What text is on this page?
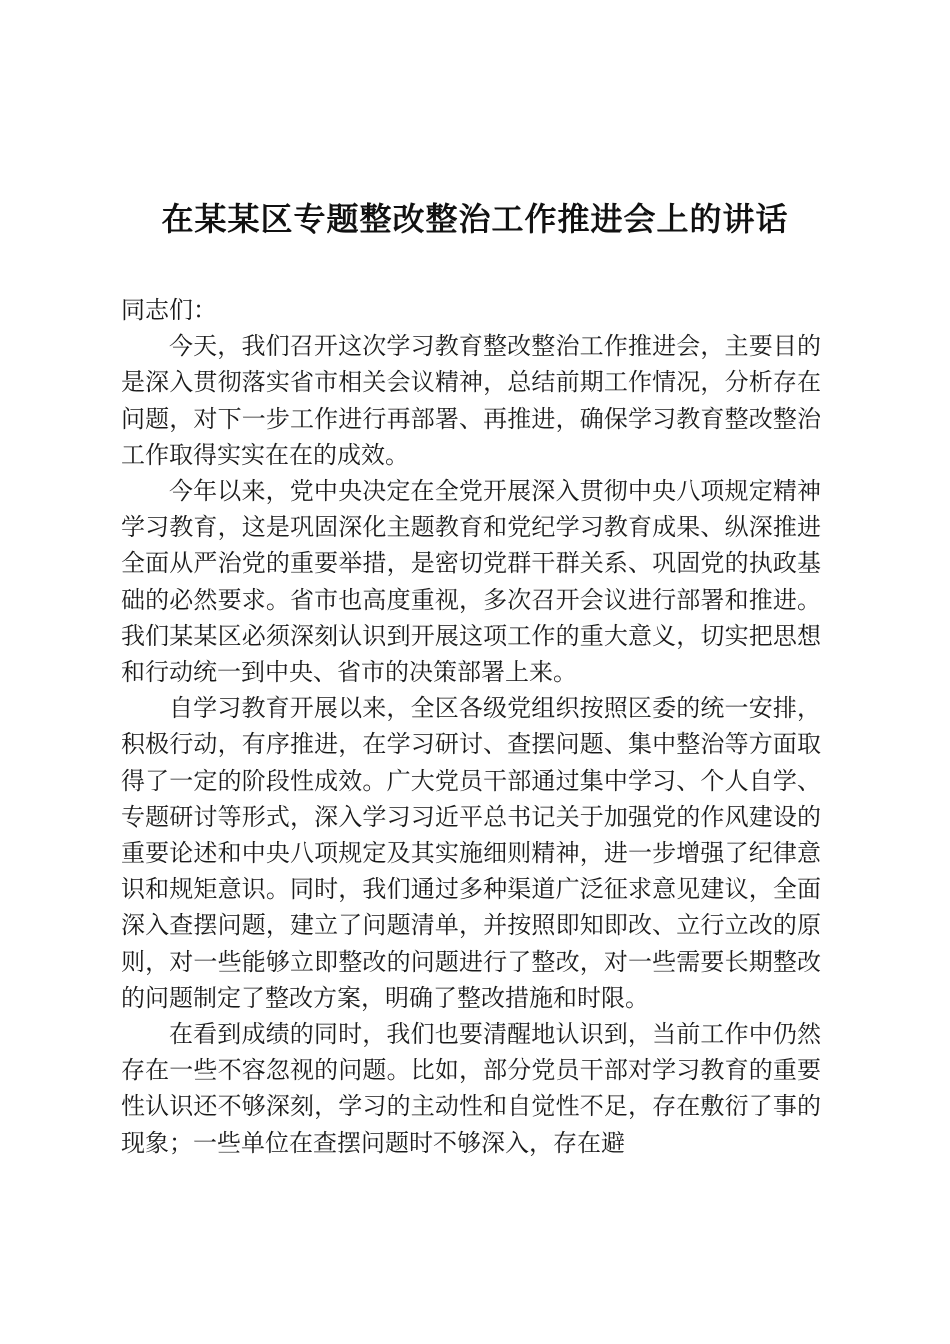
在某某区专题整改整治工作推进会上的讲话

同志们：

今天，我们召开这次学习教育整改整治工作推进会，主要目的是深入贯彻落实省市相关会议精神，总结前期工作情况，分析存在问题，对下一步工作进行再部署、再推进，确保学习教育整改整治工作取得实实在在的成效。

今年以来，党中央决定在全党开展深入贯彻中央八项规定精神学习教育，这是巩固深化主题教育和党纪学习教育成果、纵深推进全面从严治党的重要举措，是密切党群干群关系、巩固党的执政基础的必然要求。省市也高度重视，多次召开会议进行部署和推进。我们某某区必须深刻认识到开展这项工作的重大意义，切实把思想和行动统一到中央、省市的决策部署上来。

自学习教育开展以来，全区各级党组织按照区委的统一安排，积极行动，有序推进，在学习研讨、查摆问题、集中整治等方面取得了一定的阶段性成效。广大党员干部通过集中学习、个人自学、专题研讨等形式，深入学习习近平总书记关于加强党的作风建设的重要论述和中央八项规定及其实施细则精神，进一步增强了纪律意识和规矩意识。同时，我们通过多种渠道广泛征求意见建议，全面深入查摆问题，建立了问题清单，并按照即知即改、立行立改的原则，对一些能够立即整改的问题进行了整改，对一些需要长期整改的问题制定了整改方案，明确了整改措施和时限。

在看到成绩的同时，我们也要清醒地认识到，当前工作中仍然存在一些不容忽视的问题。比如，部分党员干部对学习教育的重要性认识还不够深刻，学习的主动性和自觉性不足，存在敷衍了事的现象；一些单位在查摆问题时不够深入，存在避
